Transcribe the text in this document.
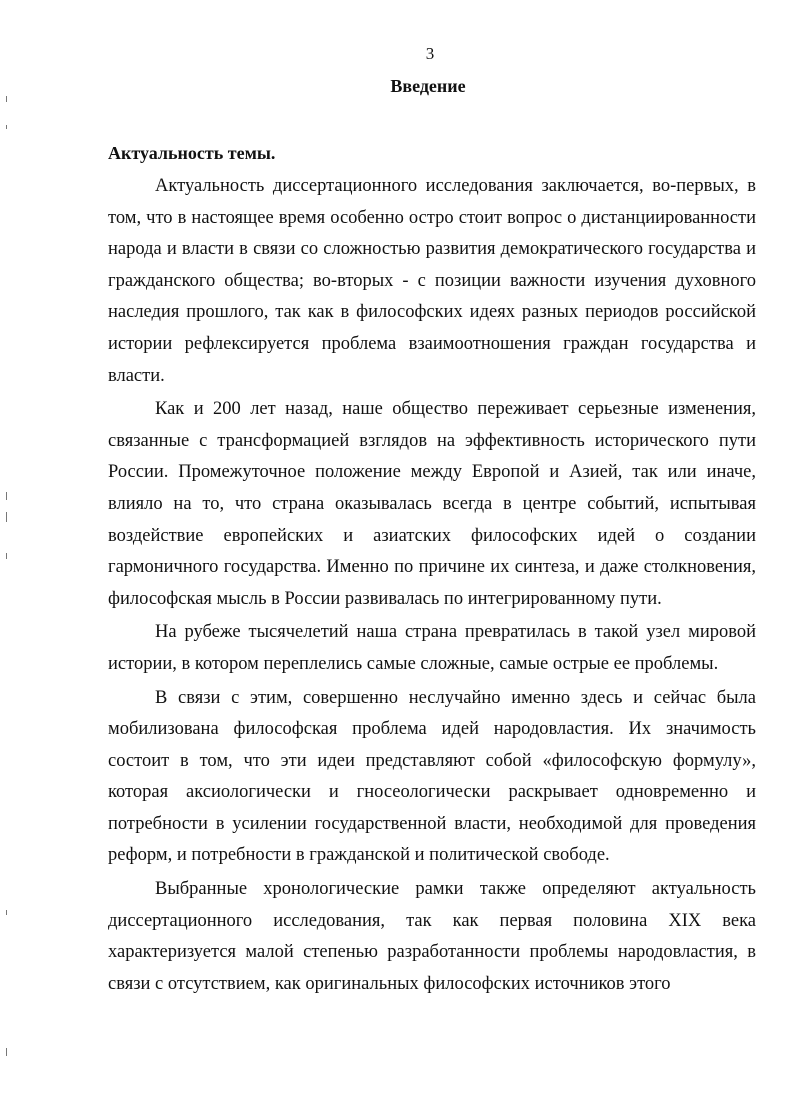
3
Введение
Актуальность темы.

Актуальность диссертационного исследования заключается, во-первых, в том, что в настоящее время особенно остро стоит вопрос о дистанциированности народа и власти в связи со сложностью развития демократического государства и гражданского общества; во-вторых - с позиции важности изучения духовного наследия прошлого, так как в философских идеях разных периодов российской истории рефлексируется проблема взаимоотношения граждан государства и власти.

Как и 200 лет назад, наше общество переживает серьезные изменения, связанные с трансформацией взглядов на эффективность исторического пути России. Промежуточное положение между Европой и Азией, так или иначе, влияло на то, что страна оказывалась всегда в центре событий, испытывая воздействие европейских и азиатских философских идей о создании гармоничного государства. Именно по причине их синтеза, и даже столкновения, философская мысль в России развивалась по интегрированному пути.

На рубеже тысячелетий наша страна превратилась в такой узел мировой истории, в котором переплелись самые сложные, самые острые ее проблемы.

В связи с этим, совершенно неслучайно именно здесь и сейчас была мобилизована философская проблема идей народовластия. Их значимость состоит в том, что эти идеи представляют собой «философскую формулу», которая аксиологически и гносеологически раскрывает одновременно и потребности в усилении государственной власти, необходимой для проведения реформ, и потребности в гражданской и политической свободе.

Выбранные хронологические рамки также определяют актуальность диссертационного исследования, так как первая половина XIX века характеризуется малой степенью разработанности проблемы народовластия, в связи с отсутствием, как оригинальных философских источников этого
